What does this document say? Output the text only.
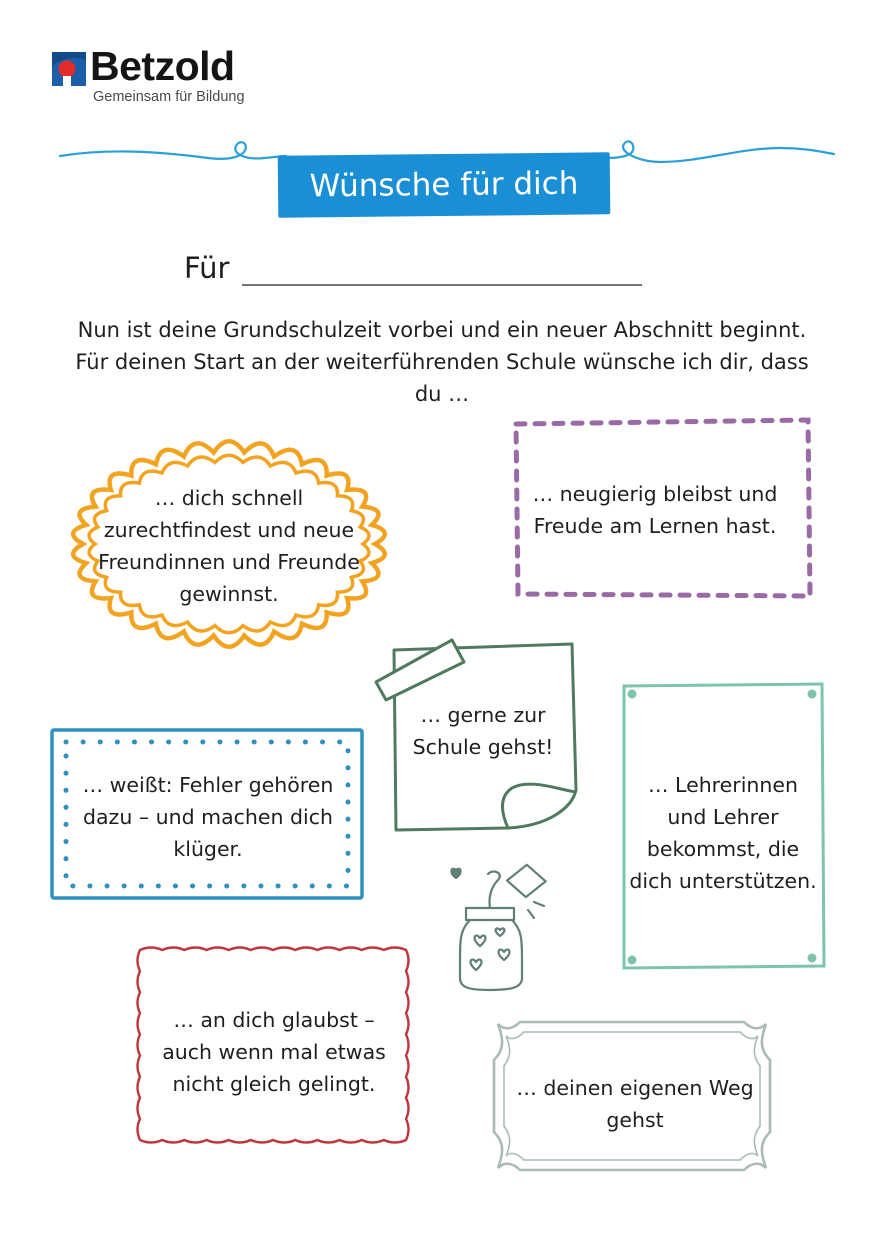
Betzold
Gemeinsam für Bildung
Wünsche für dich
Für
Nun ist deine Grundschulzeit vorbei und ein neuer Abschnitt beginnt. Für deinen Start an der weiterführenden Schule wünsche ich dir, dass du …
… dich schnell zurechtfindest und neue Freundinnen und Freunde gewinnst.
… neugierig bleibst und Freude am Lernen hast.
… gerne zur Schule gehst!
… weißt: Fehler gehören dazu – und machen dich klüger.
… Lehrerinnen und Lehrer bekommst, die dich unterstützen.
… an dich glaubst – auch wenn mal etwas nicht gleich gelingt.	… deinen eigenen Weg gehst
